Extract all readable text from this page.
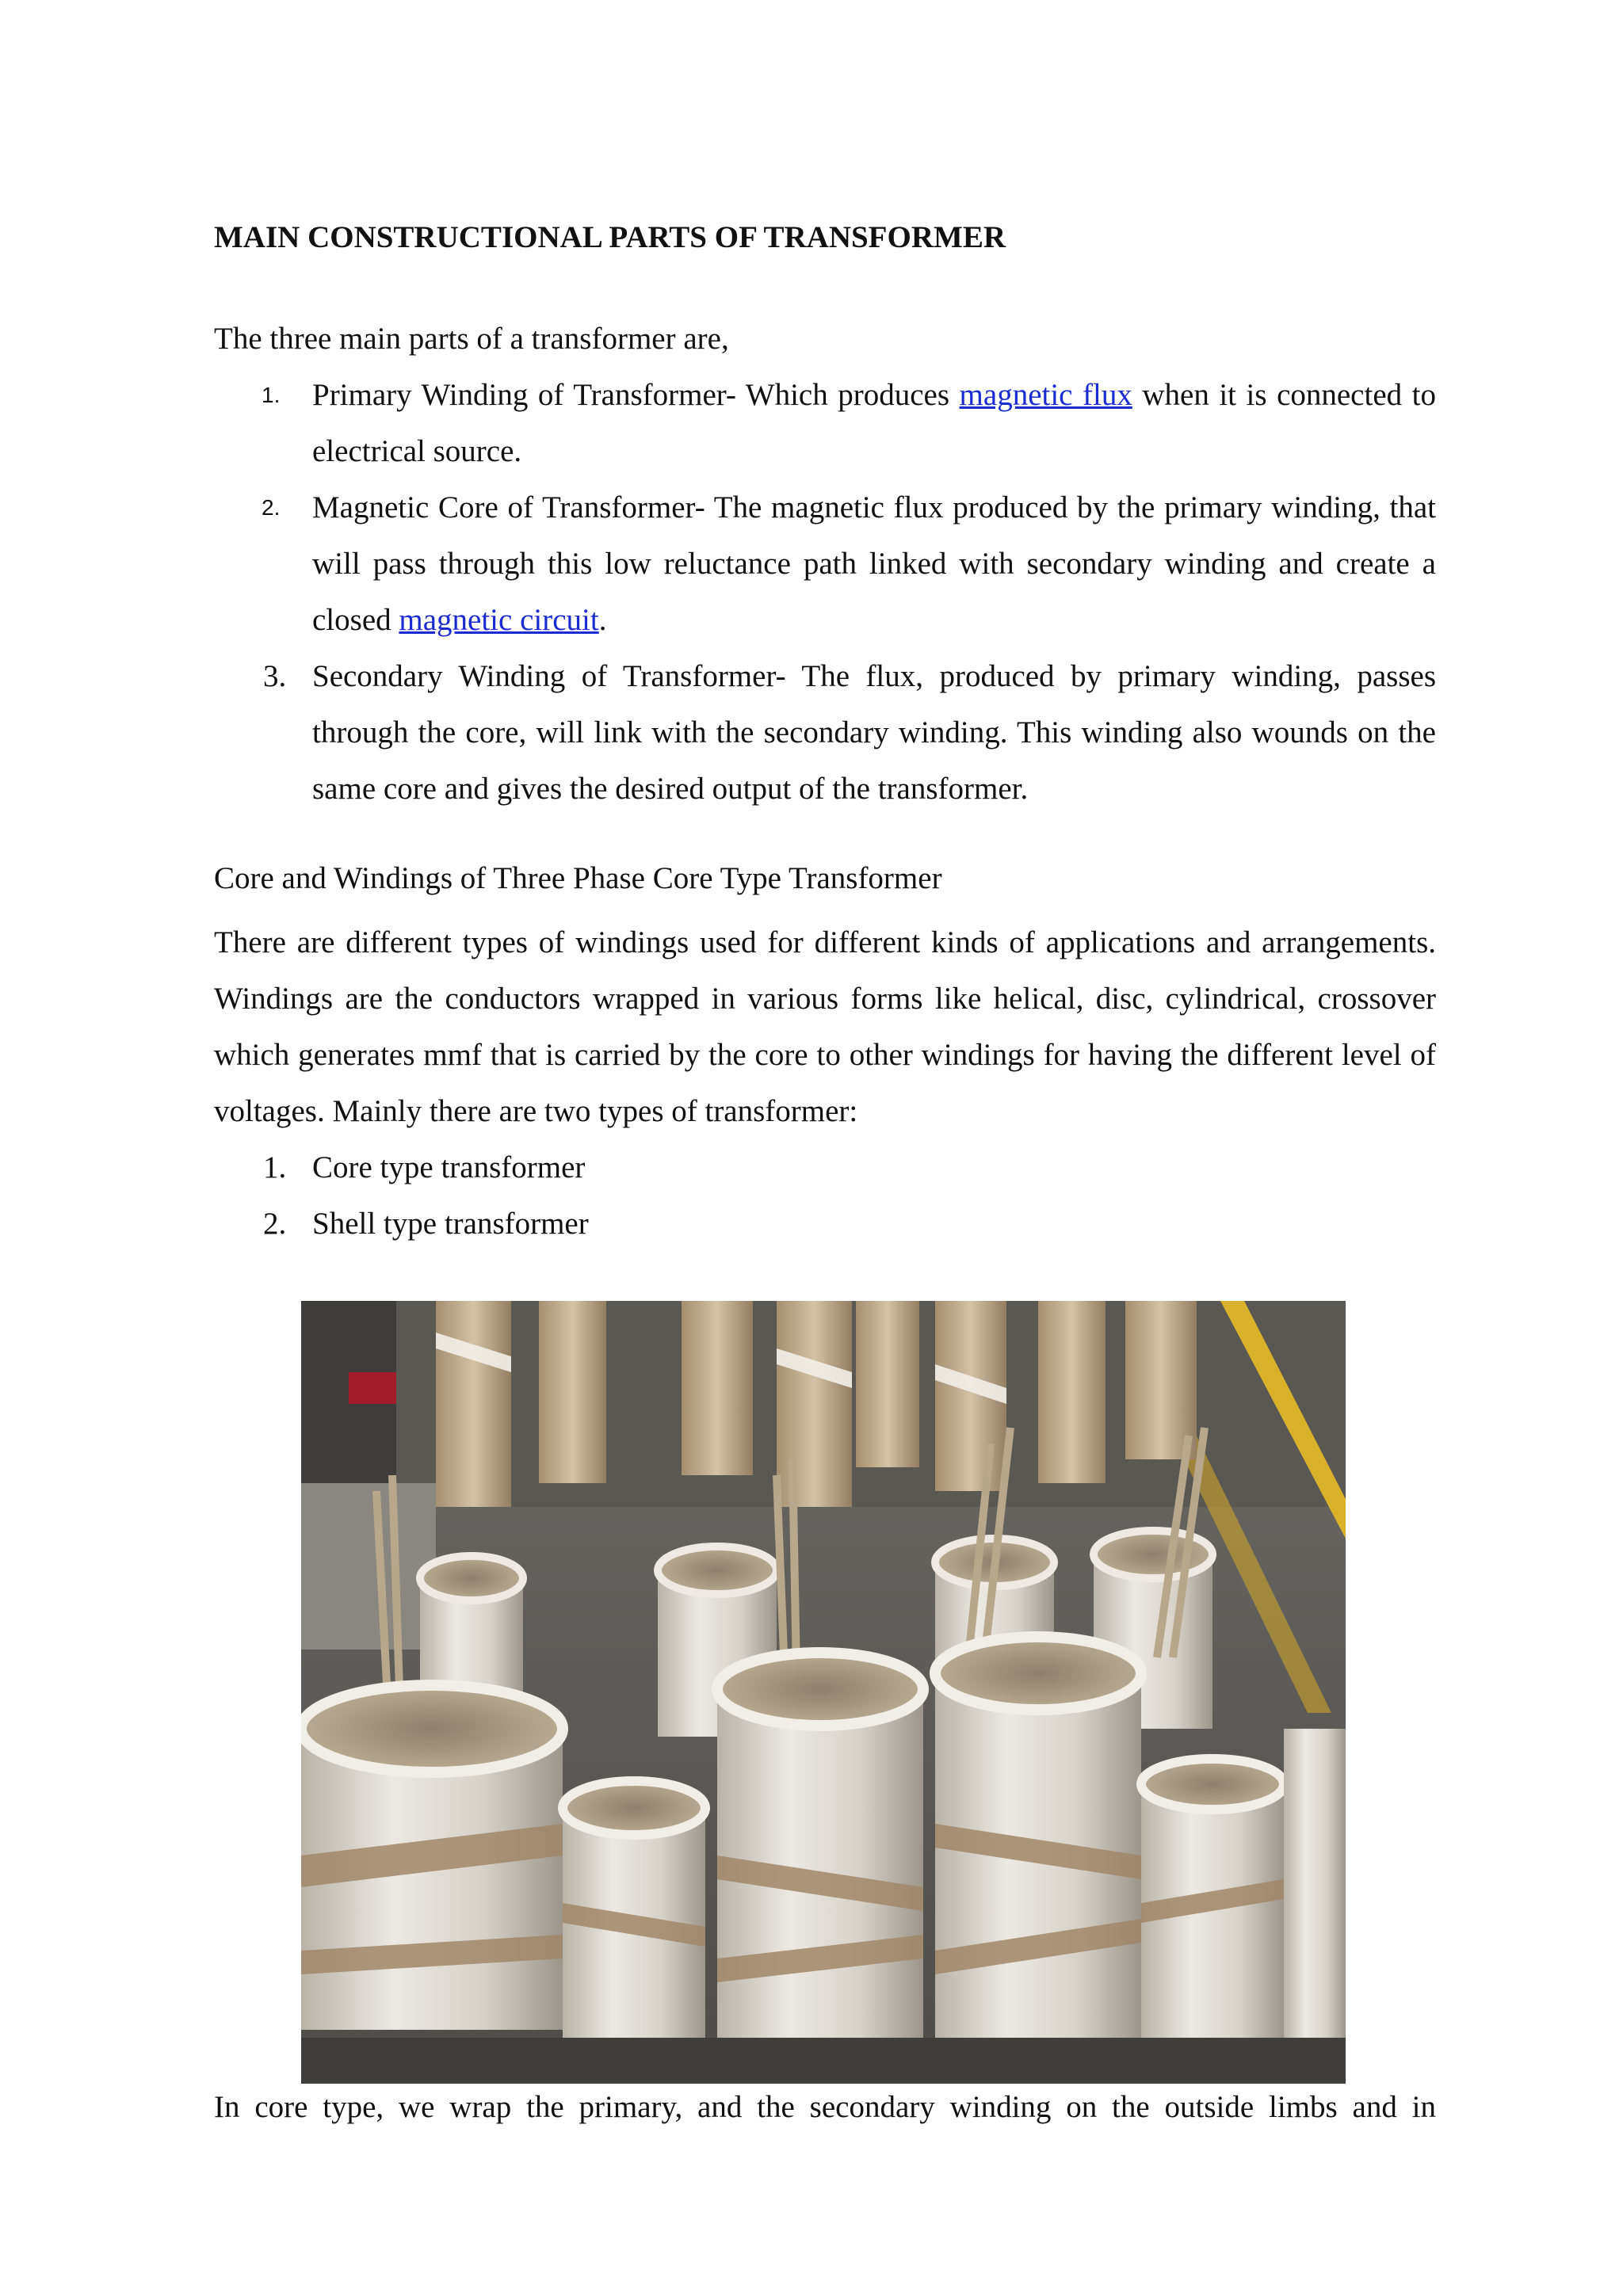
MAIN CONSTRUCTIONAL PARTS OF TRANSFORMER

The three main parts of a transformer are,

1.	Primary Winding of Transformer- Which produces magnetic flux when it is connected to electrical source.
2.	Magnetic Core of Transformer- The magnetic flux produced by the primary winding, that will pass through this low reluctance path linked with secondary winding and create a closed magnetic circuit.
3. Secondary Winding of Transformer- The flux, produced by primary winding, passes through the core, will link with the secondary winding. This winding also wounds on the same core and gives the desired output of the transformer.

Core and Windings of Three Phase Core Type Transformer

There are different types of windings used for different kinds of applications and arrangements. Windings are the conductors wrapped in various forms like helical, disc, cylindrical, crossover which generates mmf that is carried by the core to other windings for having the different level of voltages. Mainly there are two types of transformer:

1. Core type transformer
2. Shell type transformer

In core type, we wrap the primary, and the secondary winding on the outside limbs and in
